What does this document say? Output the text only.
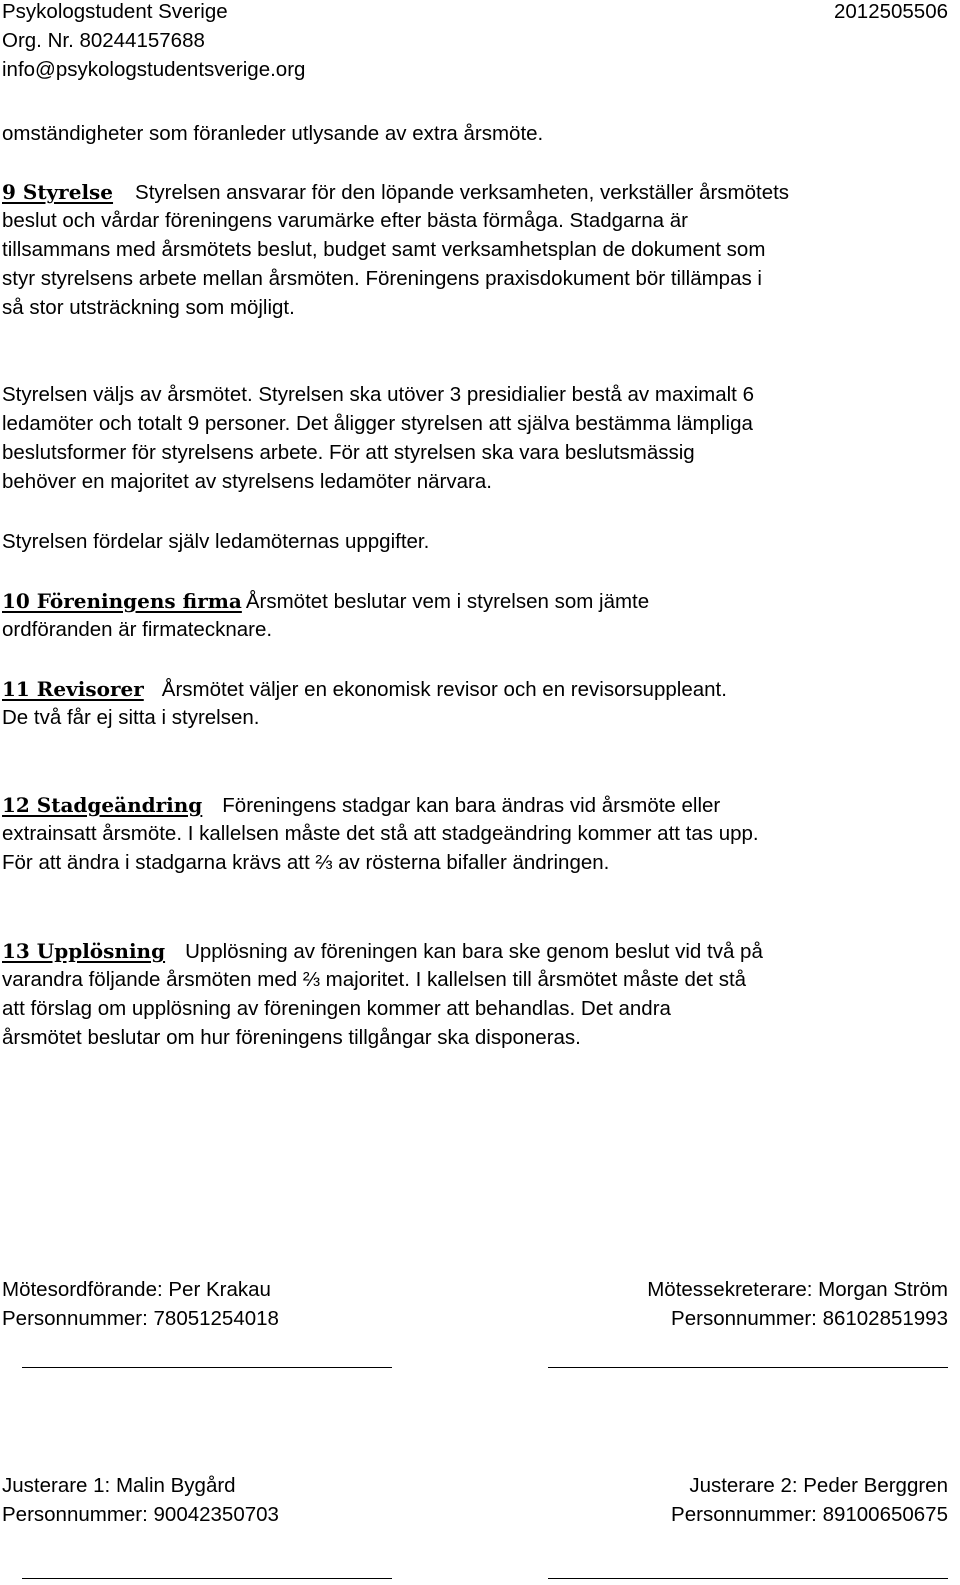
Psykologstudent Sverige	2012505506
Org. Nr. 80244157688
info@psykologstudentsverige.org
omständigheter som föranleder utlysande av extra årsmöte.
9 Styrelse Styrelsen ansvarar för den löpande verksamheten, verkställer årsmötets
beslut och vårdar föreningens varumärke efter bästa förmåga. Stadgarna är
tillsammans med årsmötets beslut, budget samt verksamhetsplan de dokument som
styr styrelsens arbete mellan årsmöten. Föreningens praxisdokument bör tillämpas i
så stor utsträckning som möjligt.
Styrelsen väljs av årsmötet. Styrelsen ska utöver 3 presidialier bestå av maximalt 6
ledamöter och totalt 9 personer. Det åligger styrelsen att själva bestämma lämpliga
beslutsformer för styrelsens arbete. För att styrelsen ska vara beslutsmässig
behöver en majoritet av styrelsens ledamöter närvara.
Styrelsen fördelar själv ledamöternas uppgifter.
10 Föreningens firma Årsmötet beslutar vem i styrelsen som jämte
ordföranden är firmatecknare.
11 Revisorer Årsmötet väljer en ekonomisk revisor och en revisorsuppleant.
De två får ej sitta i styrelsen.
12 Stadgeändring Föreningens stadgar kan bara ändras vid årsmöte eller
extrainsatt årsmöte. I kallelsen måste det stå att stadgeändring kommer att tas upp.
För att ändra i stadgarna krävs att ⅔ av rösterna bifaller ändringen.
13 Upplösning Upplösning av föreningen kan bara ske genom beslut vid två på
varandra följande årsmöten med ⅔ majoritet. I kallelsen till årsmötet måste det stå
att förslag om upplösning av föreningen kommer att behandlas. Det andra
årsmötet beslutar om hur föreningens tillgångar ska disponeras.
Mötesordförande: Per Krakau	Mötessekreterare: Morgan Ström
Personnummer: 78051254018	Personnummer: 86102851993
Justerare 1: Malin Bygård	Justerare 2: Peder Berggren
Personnummer: 90042350703	Personnummer: 89100650675
